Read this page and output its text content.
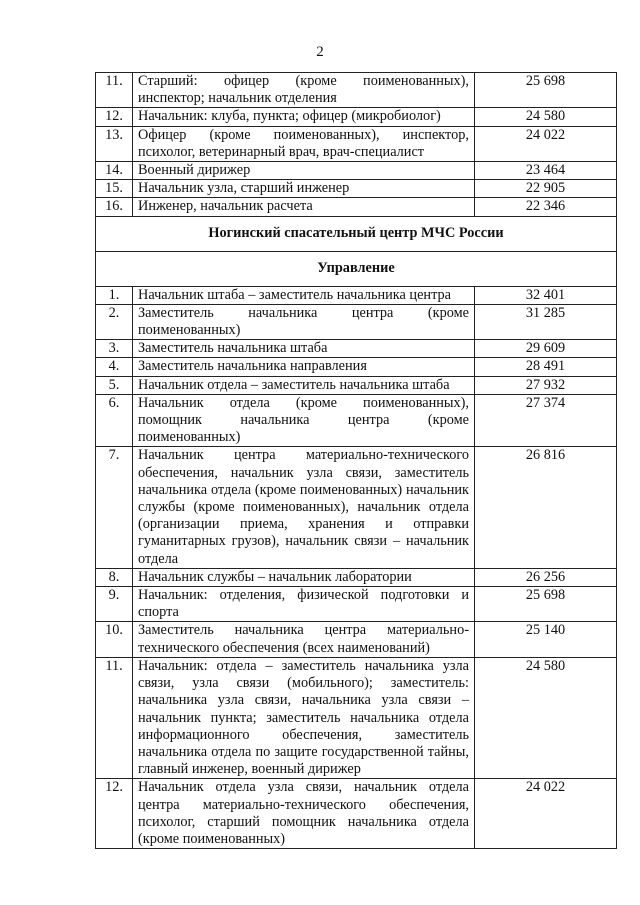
2
11.	Старший: офицер (кроме поименованных), инспектор; начальник отделения	25 698
12.	Начальник: клуба, пункта; офицер (микробиолог)	24 580
13.	Офицер (кроме поименованных), инспектор, психолог, ветеринарный врач, врач-специалист	24 022
14.	Военный дирижер	23 464
15.	Начальник узла, старший инженер	22 905
16.	Инженер, начальник расчета	22 346
Ногинский спасательный центр МЧС России		
Управление		
1.	Начальник штаба – заместитель начальника центра	32 401
2.	Заместитель начальника центра (кроме поименованных)	31 285
3.	Заместитель начальника штаба	29 609
4.	Заместитель начальника направления	28 491
5.	Начальник отдела – заместитель начальника штаба	27 932
6.	Начальник отдела (кроме поименованных), помощник начальника центра (кроме поименованных)	27 374
7.	Начальник центра материально-технического обеспечения, начальник узла связи, заместитель начальника отдела (кроме поименованных) начальник службы (кроме поименованных), начальник отдела (организации приема, хранения и отправки гуманитарных грузов), начальник связи – начальник отдела	26 816
8.	Начальник службы – начальник лаборатории	26 256
9.	Начальник: отделения, физической подготовки и спорта	25 698
10.	Заместитель начальника центра материально-технического обеспечения (всех наименований)	25 140
11.	Начальник: отдела – заместитель начальника узла связи, узла связи (мобильного); заместитель: начальника узла связи, начальника узла связи – начальник пункта; заместитель начальника отдела информационного обеспечения, заместитель начальника отдела по защите государственной тайны, главный инженер, военный дирижер	24 580
12.	Начальник отдела узла связи, начальник отдела центра материально-технического обеспечения, психолог, старший помощник начальника отдела (кроме поименованных)	24 022
